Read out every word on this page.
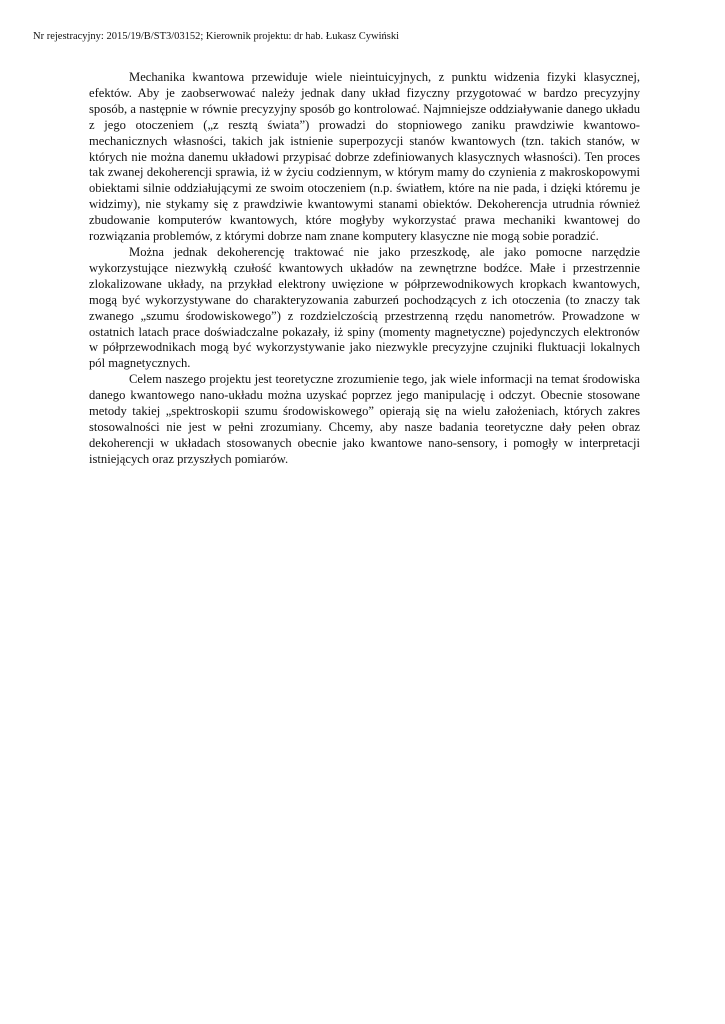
Nr rejestracyjny: 2015/19/B/ST3/03152; Kierownik projektu: dr hab. Łukasz Cywiński

Mechanika kwantowa przewiduje wiele nieintuicyjnych, z punktu widzenia fizyki klasycznej, efektów. Aby je zaobserwować należy jednak dany układ fizyczny przygotować w bardzo precyzyjny sposób, a następnie w równie precyzyjny sposób go kontrolować. Najmniejsze oddziaływanie danego układu z jego otoczeniem („z resztą świata”) prowadzi do stopniowego zaniku prawdziwie kwantowo-mechanicznych własności, takich jak istnienie superpozycji stanów kwantowych (tzn. takich stanów, w których nie można danemu układowi przypisać dobrze zdefiniowanych klasycznych własności). Ten proces tak zwanej dekoherencji sprawia, iż w życiu codziennym, w którym mamy do czynienia z makroskopowymi obiektami silnie oddziałującymi ze swoim otoczeniem (n.p. światłem, które na nie pada, i dzięki któremu je widzimy), nie stykamy się z prawdziwie kwantowymi stanami obiektów. Dekoherencja utrudnia również zbudowanie komputerów kwantowych, które mogłyby wykorzystać prawa mechaniki kwantowej do rozwiązania problemów, z którymi dobrze nam znane komputery klasyczne nie mogą sobie poradzić.

Można jednak dekoherencję traktować nie jako przeszkodę, ale jako pomocne narzędzie wykorzystujące niezwykłą czułość kwantowych układów na zewnętrzne bodźce. Małe i przestrzennie zlokalizowane układy, na przykład elektrony uwięzione w półprzewodnikowych kropkach kwantowych, mogą być wykorzystywane do charakteryzowania zaburzeń pochodzących z ich otoczenia (to znaczy tak zwanego „szumu środowiskowego”) z rozdzielczością przestrzenną rzędu nanometrów. Prowadzone w ostatnich latach prace doświadczalne pokazały, iż spiny (momenty magnetyczne) pojedynczych elektronów w półprzewodnikach mogą być wykorzystywanie jako niezwykle precyzyjne czujniki fluktuacji lokalnych pól magnetycznych.

Celem naszego projektu jest teoretyczne zrozumienie tego, jak wiele informacji na temat środowiska danego kwantowego nano-układu można uzyskać poprzez jego manipulację i odczyt. Obecnie stosowane metody takiej „spektroskopii szumu środowiskowego” opierają się na wielu założeniach, których zakres stosowalności nie jest w pełni zrozumiany. Chcemy, aby nasze badania teoretyczne dały pełen obraz dekoherencji w układach stosowanych obecnie jako kwantowe nano-sensory, i pomogły w interpretacji istniejących oraz przyszłych pomiarów.
